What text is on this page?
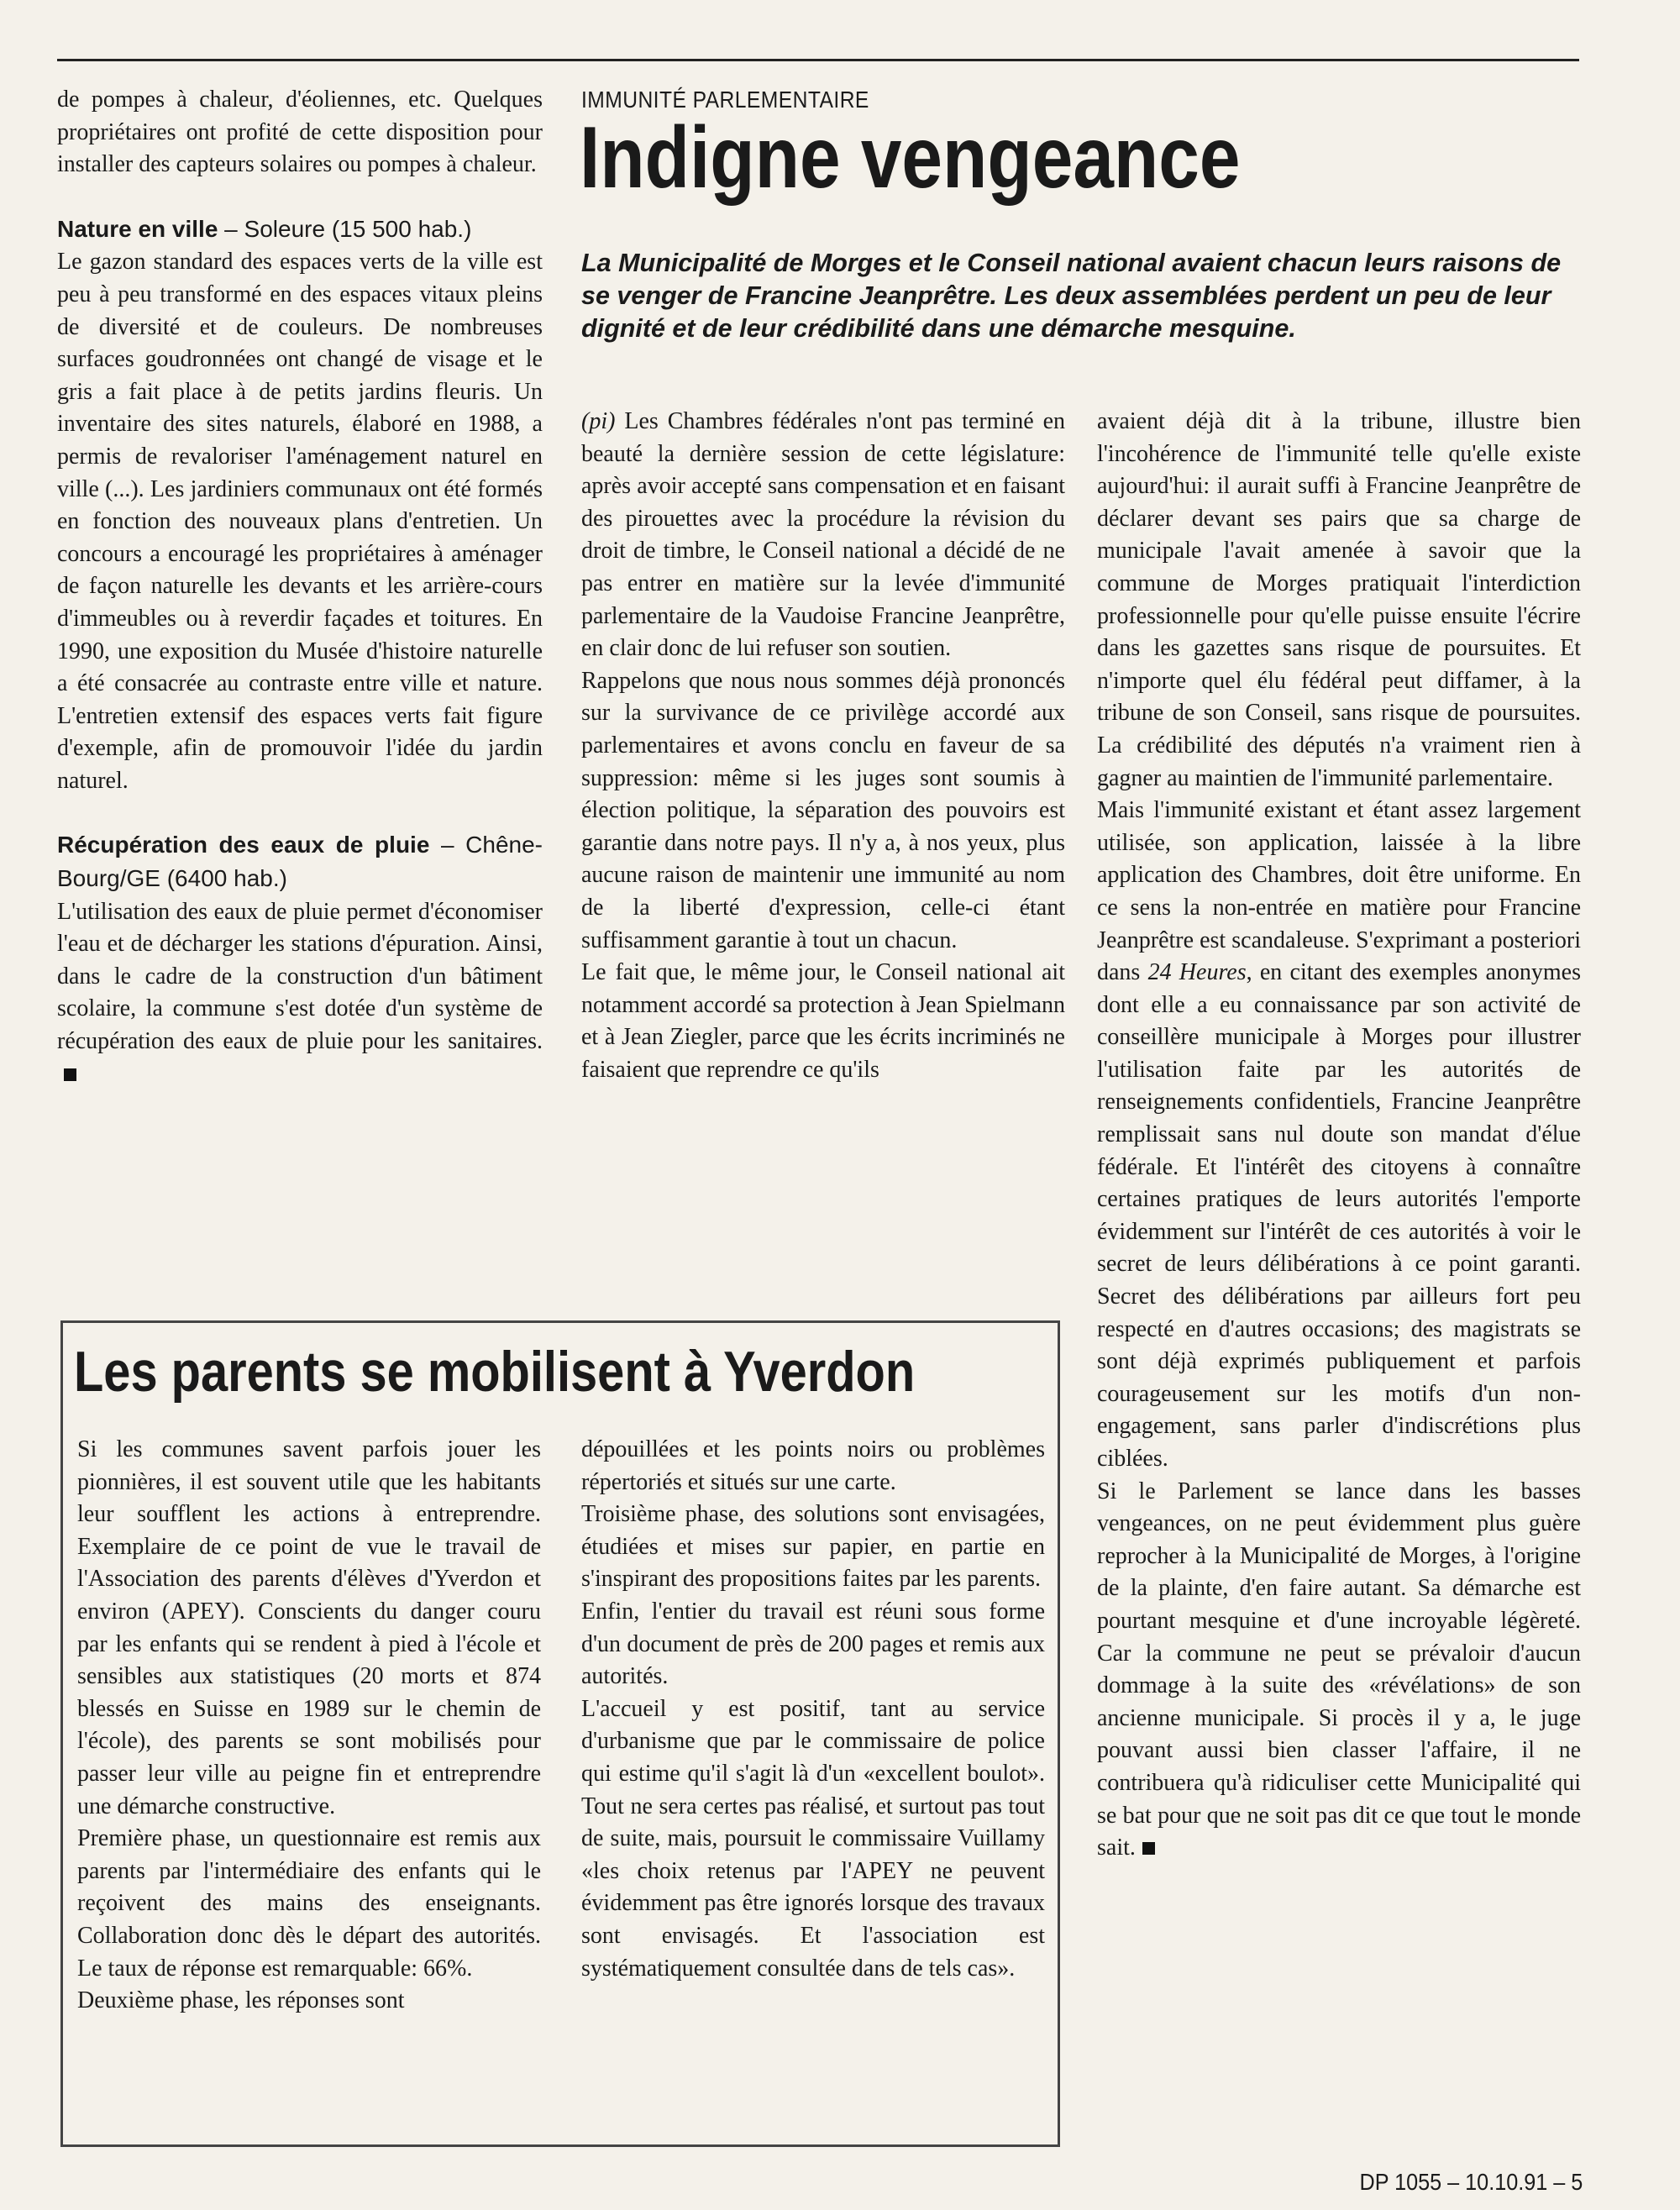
de pompes à chaleur, d'éoliennes, etc. Quelques propriétaires ont profité de cette disposition pour installer des capteurs solaires ou pompes à chaleur.

Nature en ville – Soleure (15 500 hab.)
Le gazon standard des espaces verts de la ville est peu à peu transformé en des espaces vitaux pleins de diversité et de couleurs. De nombreuses surfaces goudronnées ont changé de visage et le gris a fait place à de petits jardins fleuris. Un inventaire des sites naturels, élaboré en 1988, a permis de revaloriser l'aménagement naturel en ville (...). Les jardiniers communaux ont été formés en fonction des nouveaux plans d'entretien. Un concours a encouragé les propriétaires à aménager de façon naturelle les devants et les arrière-cours d'immeubles ou à reverdir façades et toitures. En 1990, une exposition du Musée d'histoire naturelle a été consacrée au contraste entre ville et nature. L'entretien extensif des espaces verts fait figure d'exemple, afin de promouvoir l'idée du jardin naturel.

Récupération des eaux de pluie – Chêne-Bourg/GE (6400 hab.)
L'utilisation des eaux de pluie permet d'économiser l'eau et de décharger les stations d'épuration. Ainsi, dans le cadre de la construction d'un bâtiment scolaire, la commune s'est dotée d'un système de récupération des eaux de pluie pour les sanitaires.

IMMUNITÉ PARLEMENTAIRE
Indigne vengeance
La Municipalité de Morges et le Conseil national avaient chacun leurs raisons de se venger de Francine Jeanprêtre. Les deux assemblées perdent un peu de leur dignité et de leur crédibilité dans une démarche mesquine.

(pi) Les Chambres fédérales n'ont pas terminé en beauté la dernière session de cette législature: après avoir accepté sans compensation et en faisant des pirouettes avec la procédure la révision du droit de timbre, le Conseil national a décidé de ne pas entrer en matière sur la levée d'immunité parlementaire de la Vaudoise Francine Jeanprêtre, en clair donc de lui refuser son soutien.

Rappelons que nous nous sommes déjà prononcés sur la survivance de ce privilège accordé aux parlementaires et avons conclu en faveur de sa suppression: même si les juges sont soumis à élection politique, la séparation des pouvoirs est garantie dans notre pays. Il n'y a, à nos yeux, plus aucune raison de maintenir une immunité au nom de la liberté d'expression, celle-ci étant suffisamment garantie à tout un chacun.

Le fait que, le même jour, le Conseil national ait notamment accordé sa protection à Jean Spielmann et à Jean Ziegler, parce que les écrits incriminés ne faisaient que reprendre ce qu'ils

avaient déjà dit à la tribune, illustre bien l'incohérence de l'immunité telle qu'elle existe aujourd'hui: il aurait suffi à Francine Jeanprêtre de déclarer devant ses pairs que sa charge de municipale l'avait amenée à savoir que la commune de Morges pratiquait l'interdiction professionnelle pour qu'elle puisse ensuite l'écrire dans les gazettes sans risque de poursuites. Et n'importe quel élu fédéral peut diffamer, à la tribune de son Conseil, sans risque de poursuites. La crédibilité des députés n'a vraiment rien à gagner au maintien de l'immunité parlementaire.

Mais l'immunité existant et étant assez largement utilisée, son application, laissée à la libre application des Chambres, doit être uniforme. En ce sens la non-entrée en matière pour Francine Jeanprêtre est scandaleuse. S'exprimant a posteriori dans 24 Heures, en citant des exemples anonymes dont elle a eu connaissance par son activité de conseillère municipale à Morges pour illustrer l'utilisation faite par les autorités de renseignements confidentiels, Francine Jeanprêtre remplissait sans nul doute son mandat d'élue fédérale. Et l'intérêt des citoyens à connaître certaines pratiques de leurs autorités l'emporte évidemment sur l'intérêt de ces autorités à voir le secret de leurs délibérations à ce point garanti. Secret des délibérations par ailleurs fort peu respecté en d'autres occasions; des magistrats se sont déjà exprimés publiquement et parfois courageusement sur les motifs d'un non-engagement, sans parler d'indiscrétions plus ciblées.

Si le Parlement se lance dans les basses vengeances, on ne peut évidemment plus guère reprocher à la Municipalité de Morges, à l'origine de la plainte, d'en faire autant. Sa démarche est pourtant mesquine et d'une incroyable légèreté. Car la commune ne peut se prévaloir d'aucun dommage à la suite des «révélations» de son ancienne municipale. Si procès il y a, le juge pouvant aussi bien classer l'affaire, il ne contribuera qu'à ridiculiser cette Municipalité qui se bat pour que ne soit pas dit ce que tout le monde sait.

Les parents se mobilisent à Yverdon

Si les communes savent parfois jouer les pionnières, il est souvent utile que les habitants leur soufflent les actions à entreprendre. Exemplaire de ce point de vue le travail de l'Association des parents d'élèves d'Yverdon et environ (APEY). Conscients du danger couru par les enfants qui se rendent à pied à l'école et sensibles aux statistiques (20 morts et 874 blessés en Suisse en 1989 sur le chemin de l'école), des parents se sont mobilisés pour passer leur ville au peigne fin et entreprendre une démarche constructive.

Première phase, un questionnaire est remis aux parents par l'intermédiaire des enfants qui le reçoivent des mains des enseignants. Collaboration donc dès le départ des autorités. Le taux de réponse est remarquable: 66%.

Deuxième phase, les réponses sont

dépouillées et les points noirs ou problèmes répertoriés et situés sur une carte.

Troisième phase, des solutions sont envisagées, étudiées et mises sur papier, en partie en s'inspirant des propositions faites par les parents.

Enfin, l'entier du travail est réuni sous forme d'un document de près de 200 pages et remis aux autorités.

L'accueil y est positif, tant au service d'urbanisme que par le commissaire de police qui estime qu'il s'agit là d'un «excellent boulot». Tout ne sera certes pas réalisé, et surtout pas tout de suite, mais, poursuit le commissaire Vuillamy «les choix retenus par l'APEY ne peuvent évidemment pas être ignorés lorsque des travaux sont envisagés. Et l'association est systématiquement consultée dans de tels cas».

DP 1055 – 10.10.91 – 5
